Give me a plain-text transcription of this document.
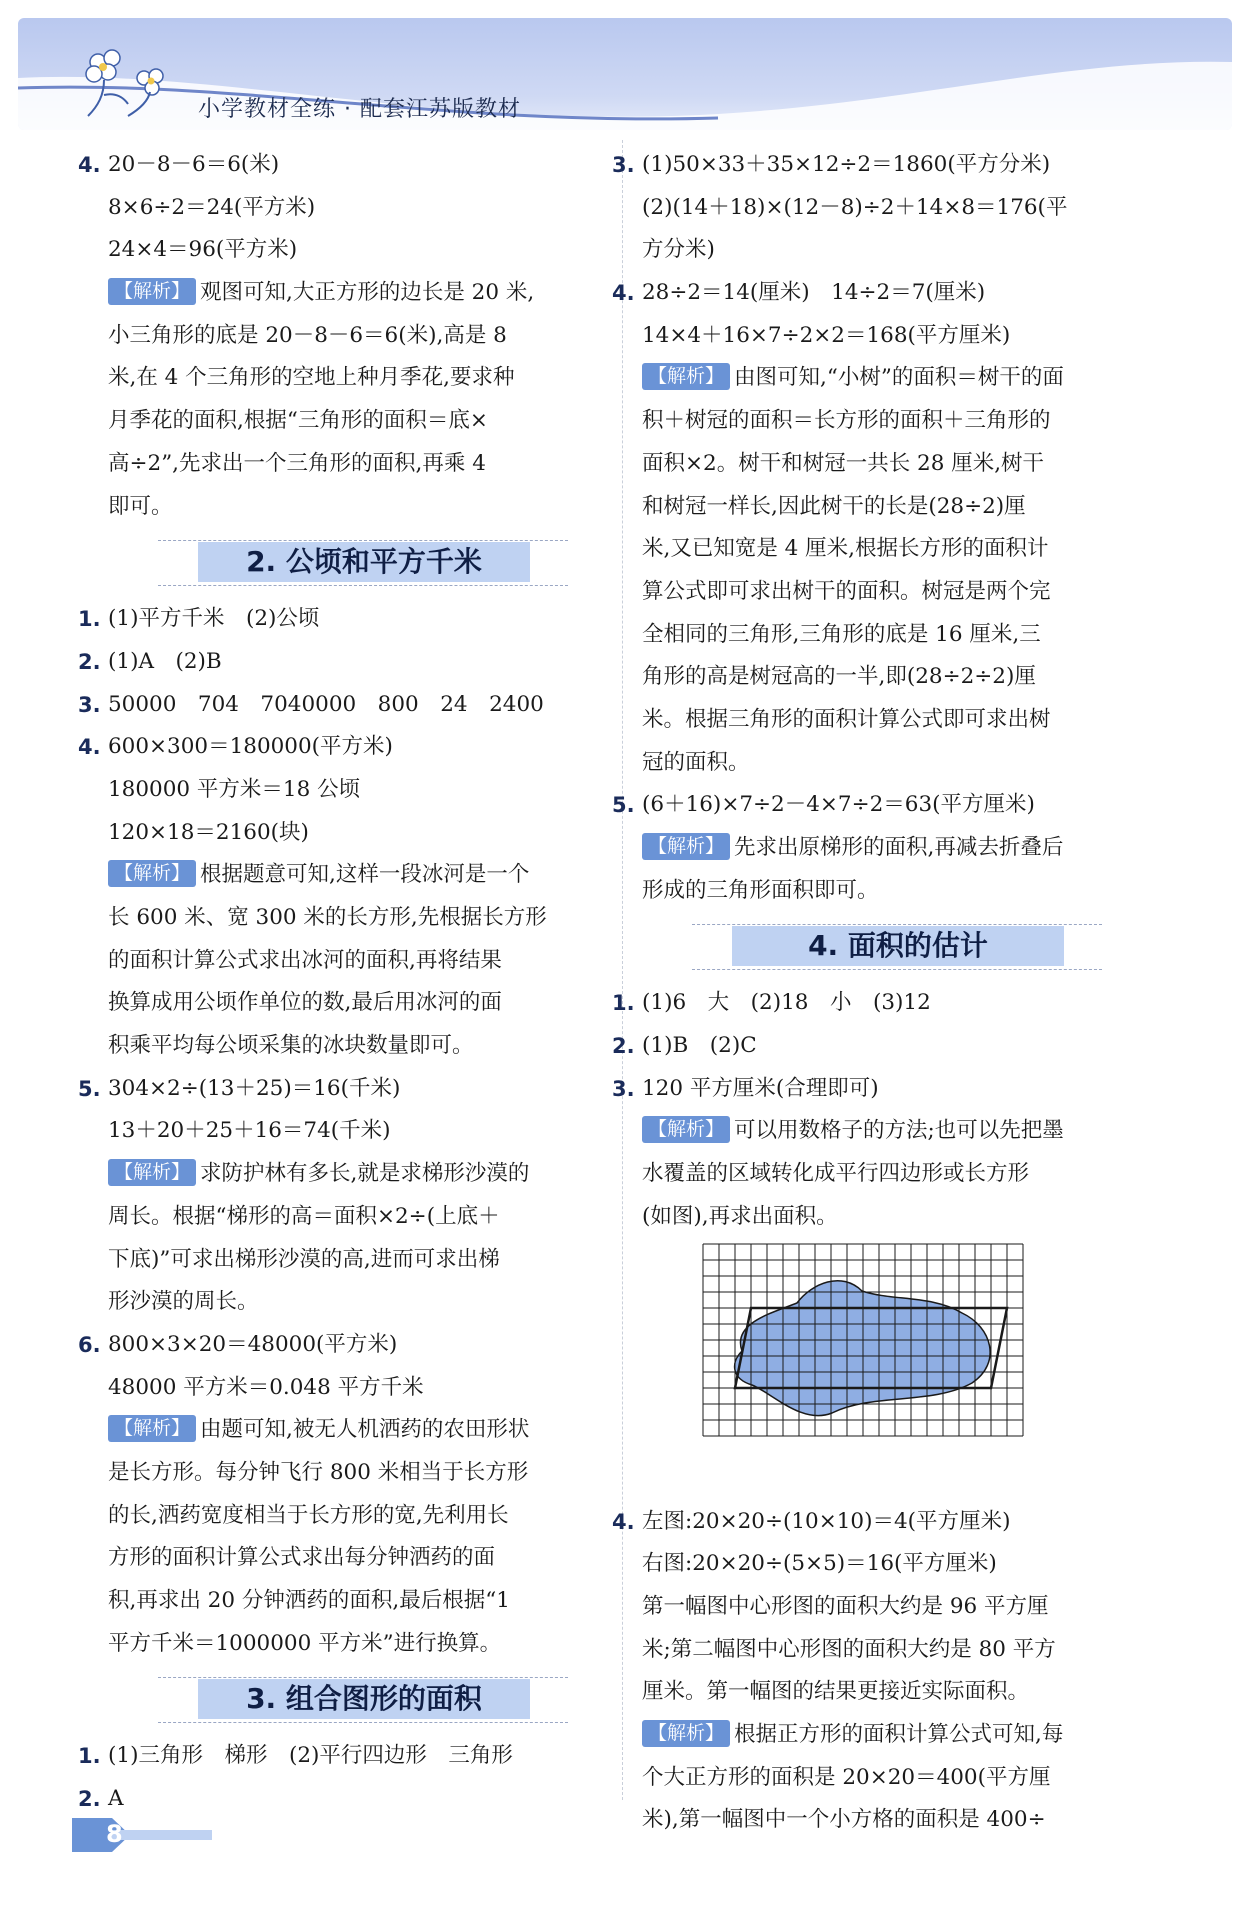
小学教材全练 · 配套江苏版教材
4. 20－8－6＝6(米)
8×6÷2＝24(平方米)
24×4＝96(平方米)
【解析】 观图可知,大正方形的边长是 20 米,
小三角形的底是 20－8－6＝6(米),高是 8
米,在 4 个三角形的空地上种月季花,要求种
月季花的面积,根据“三角形的面积＝底×
高÷2”,先求出一个三角形的面积,再乘 4
即可。
2. 公顷和平方千米
1. (1)平方千米　(2)公顷
2. (1)A　(2)B
3. 50000　704　7040000　800　24　2400
4. 600×300＝180000(平方米)
180000 平方米＝18 公顷
120×18＝2160(块)
【解析】 根据题意可知,这样一段冰河是一个
长 600 米、宽 300 米的长方形,先根据长方形
的面积计算公式求出冰河的面积,再将结果
换算成用公顷作单位的数,最后用冰河的面
积乘平均每公顷采集的冰块数量即可。
5. 304×2÷(13＋25)＝16(千米)
13＋20＋25＋16＝74(千米)
【解析】 求防护林有多长,就是求梯形沙漠的
周长。根据“梯形的高＝面积×2÷(上底＋
下底)”可求出梯形沙漠的高,进而可求出梯
形沙漠的周长。
6. 800×3×20＝48000(平方米)
48000 平方米＝0.048 平方千米
【解析】 由题可知,被无人机洒药的农田形状
是长方形。每分钟飞行 800 米相当于长方形
的长,洒药宽度相当于长方形的宽,先利用长
方形的面积计算公式求出每分钟洒药的面
积,再求出 20 分钟洒药的面积,最后根据“1
平方千米＝1000000 平方米”进行换算。
3. 组合图形的面积
1. (1)三角形　梯形　(2)平行四边形　三角形
2. A
3. (1)50×33＋35×12÷2＝1860(平方分米)
(2)(14＋18)×(12－8)÷2＋14×8＝176(平
方分米)
4. 28÷2＝14(厘米)　14÷2＝7(厘米)
14×4＋16×7÷2×2＝168(平方厘米)
【解析】 由图可知,“小树”的面积＝树干的面
积＋树冠的面积＝长方形的面积＋三角形的
面积×2。树干和树冠一共长 28 厘米,树干
和树冠一样长,因此树干的长是(28÷2)厘
米,又已知宽是 4 厘米,根据长方形的面积计
算公式即可求出树干的面积。树冠是两个完
全相同的三角形,三角形的底是 16 厘米,三
角形的高是树冠高的一半,即(28÷2÷2)厘
米。根据三角形的面积计算公式即可求出树
冠的面积。
5. (6＋16)×7÷2－4×7÷2＝63(平方厘米)
【解析】 先求出原梯形的面积,再减去折叠后
形成的三角形面积即可。
4. 面积的估计
1. (1)6　大　(2)18　小　(3)12
2. (1)B　(2)C
3. 120 平方厘米(合理即可)
【解析】 可以用数格子的方法;也可以先把墨
水覆盖的区域转化成平行四边形或长方形
(如图),再求出面积。
4. 左图:20×20÷(10×10)＝4(平方厘米)
右图:20×20÷(5×5)＝16(平方厘米)
第一幅图中心形图的面积大约是 96 平方厘
米;第二幅图中心形图的面积大约是 80 平方
厘米。第一幅图的结果更接近实际面积。
【解析】 根据正方形的面积计算公式可知,每
个大正方形的面积是 20×20＝400(平方厘
米),第一幅图中一个小方格的面积是 400÷
8
